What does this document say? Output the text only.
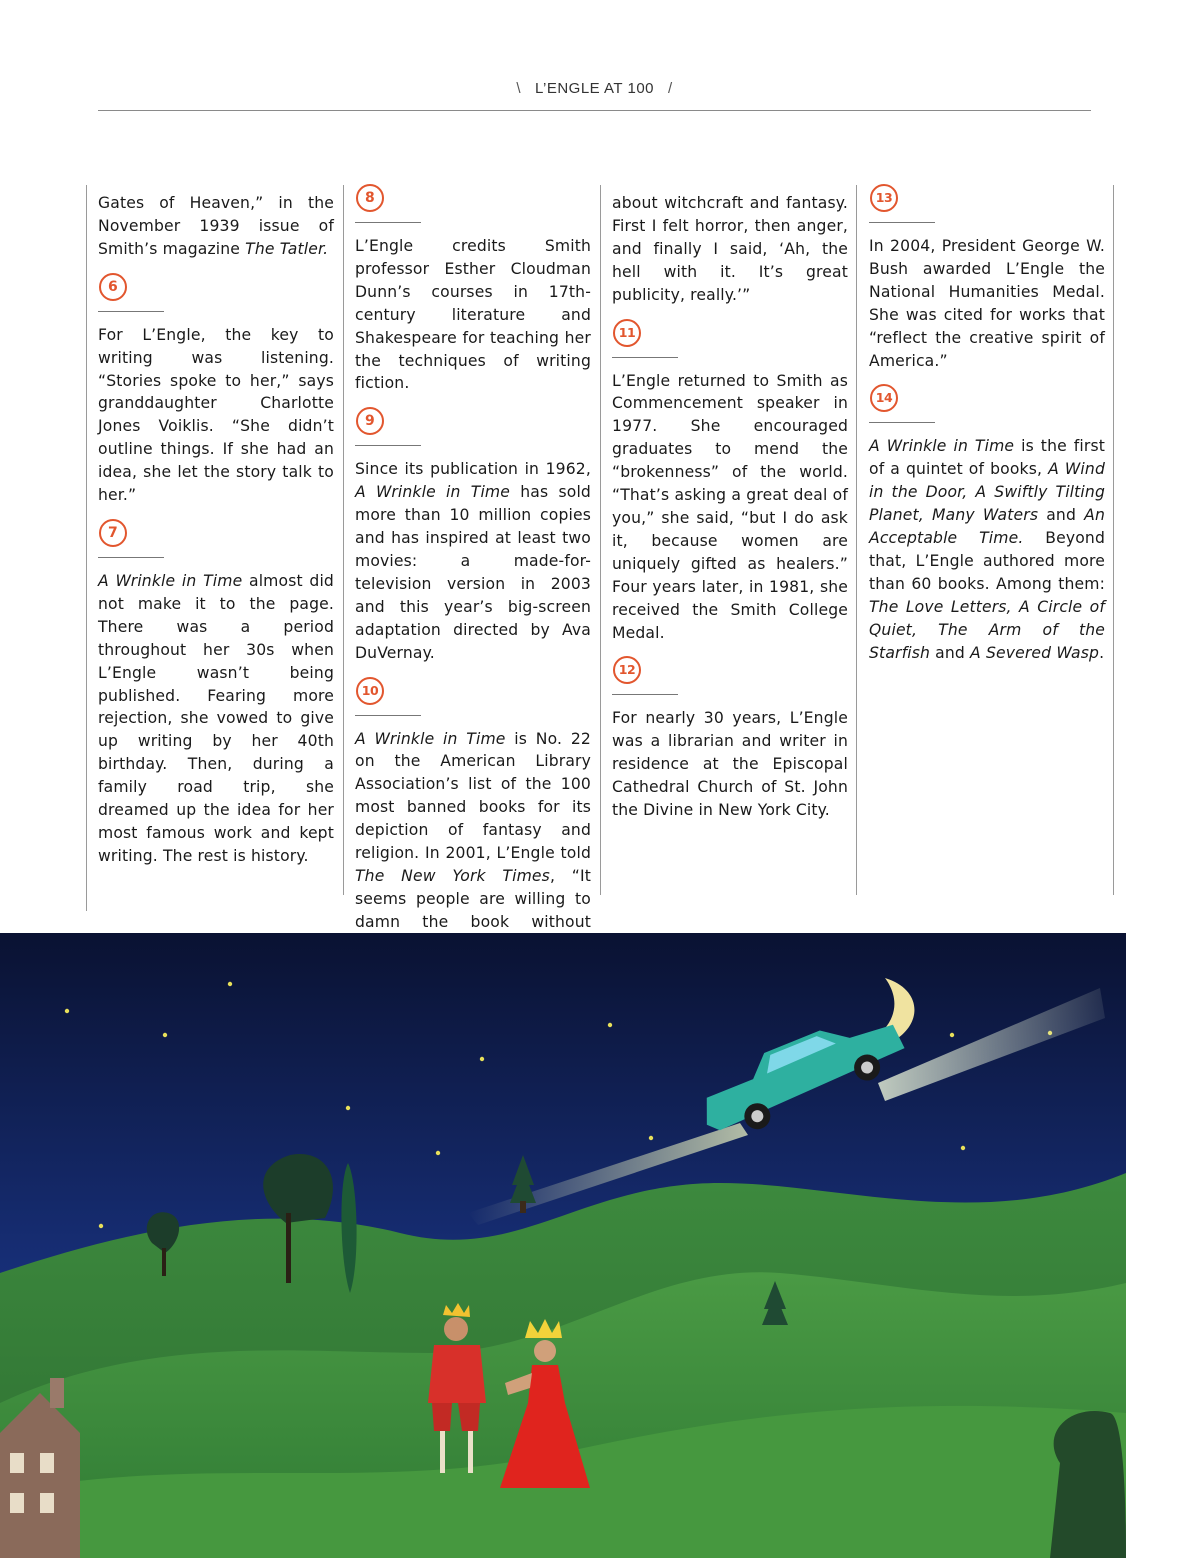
\ L’ENGLE AT 100 /

Gates of Heaven,” in the November 1939 issue of Smith’s magazine The Tatler.

6

For L’Engle, the key to writing was listening. “Stories spoke to her,” says granddaughter Charlotte Jones Voiklis. “She didn’t outline things. If she had an idea, she let the story talk to her.”

7

A Wrinkle in Time almost did not make it to the page. There was a period throughout her 30s when L’Engle wasn’t being published. Fearing more rejection, she vowed to give up writing by her 40th birthday. Then, during a family road trip, she dreamed up the idea for her most famous work and kept writing. The rest is history.

8

L’Engle credits Smith professor Esther Cloudman Dunn’s courses in 17th-century literature and Shakespeare for teaching her the techniques of writing fiction.

9

Since its publication in 1962, A Wrinkle in Time has sold more than 10 million copies and has inspired at least two movies: a made-for-television version in 2003 and this year’s big-screen adaptation directed by Ava DuVernay.

10

A Wrinkle in Time is No. 22 on the American Library Association’s list of the 100 most banned books for its depiction of fantasy and religion. In 2001, L’Engle told The New York Times, “It seems people are willing to damn the book without

about witchcraft and fantasy. First I felt horror, then anger, and finally I said, ‘Ah, the hell with it. It’s great publicity, really.’”

11

L’Engle returned to Smith as Commencement speaker in 1977. She encouraged graduates to mend the “brokenness” of the world. “That’s asking a great deal of you,” she said, “but I do ask it, because women are uniquely gifted as healers.” Four years later, in 1981, she received the Smith College Medal.

12

For nearly 30 years, L’Engle was a librarian and writer in residence at the Episcopal Cathedral Church of St. John the Divine in New York City.

13

In 2004, President George W. Bush awarded L’Engle the National Humanities Medal. She was cited for works that “reflect the creative spirit of America.”

14

A Wrinkle in Time is the first of a quintet of books, A Wind in the Door, A Swiftly Tilting Planet, Many Waters and An Acceptable Time. Beyond that, L’Engle authored more than 60 books. Among them: The Love Letters, A Circle of Quiet, The Arm of the Starfish and A Severed Wasp.
